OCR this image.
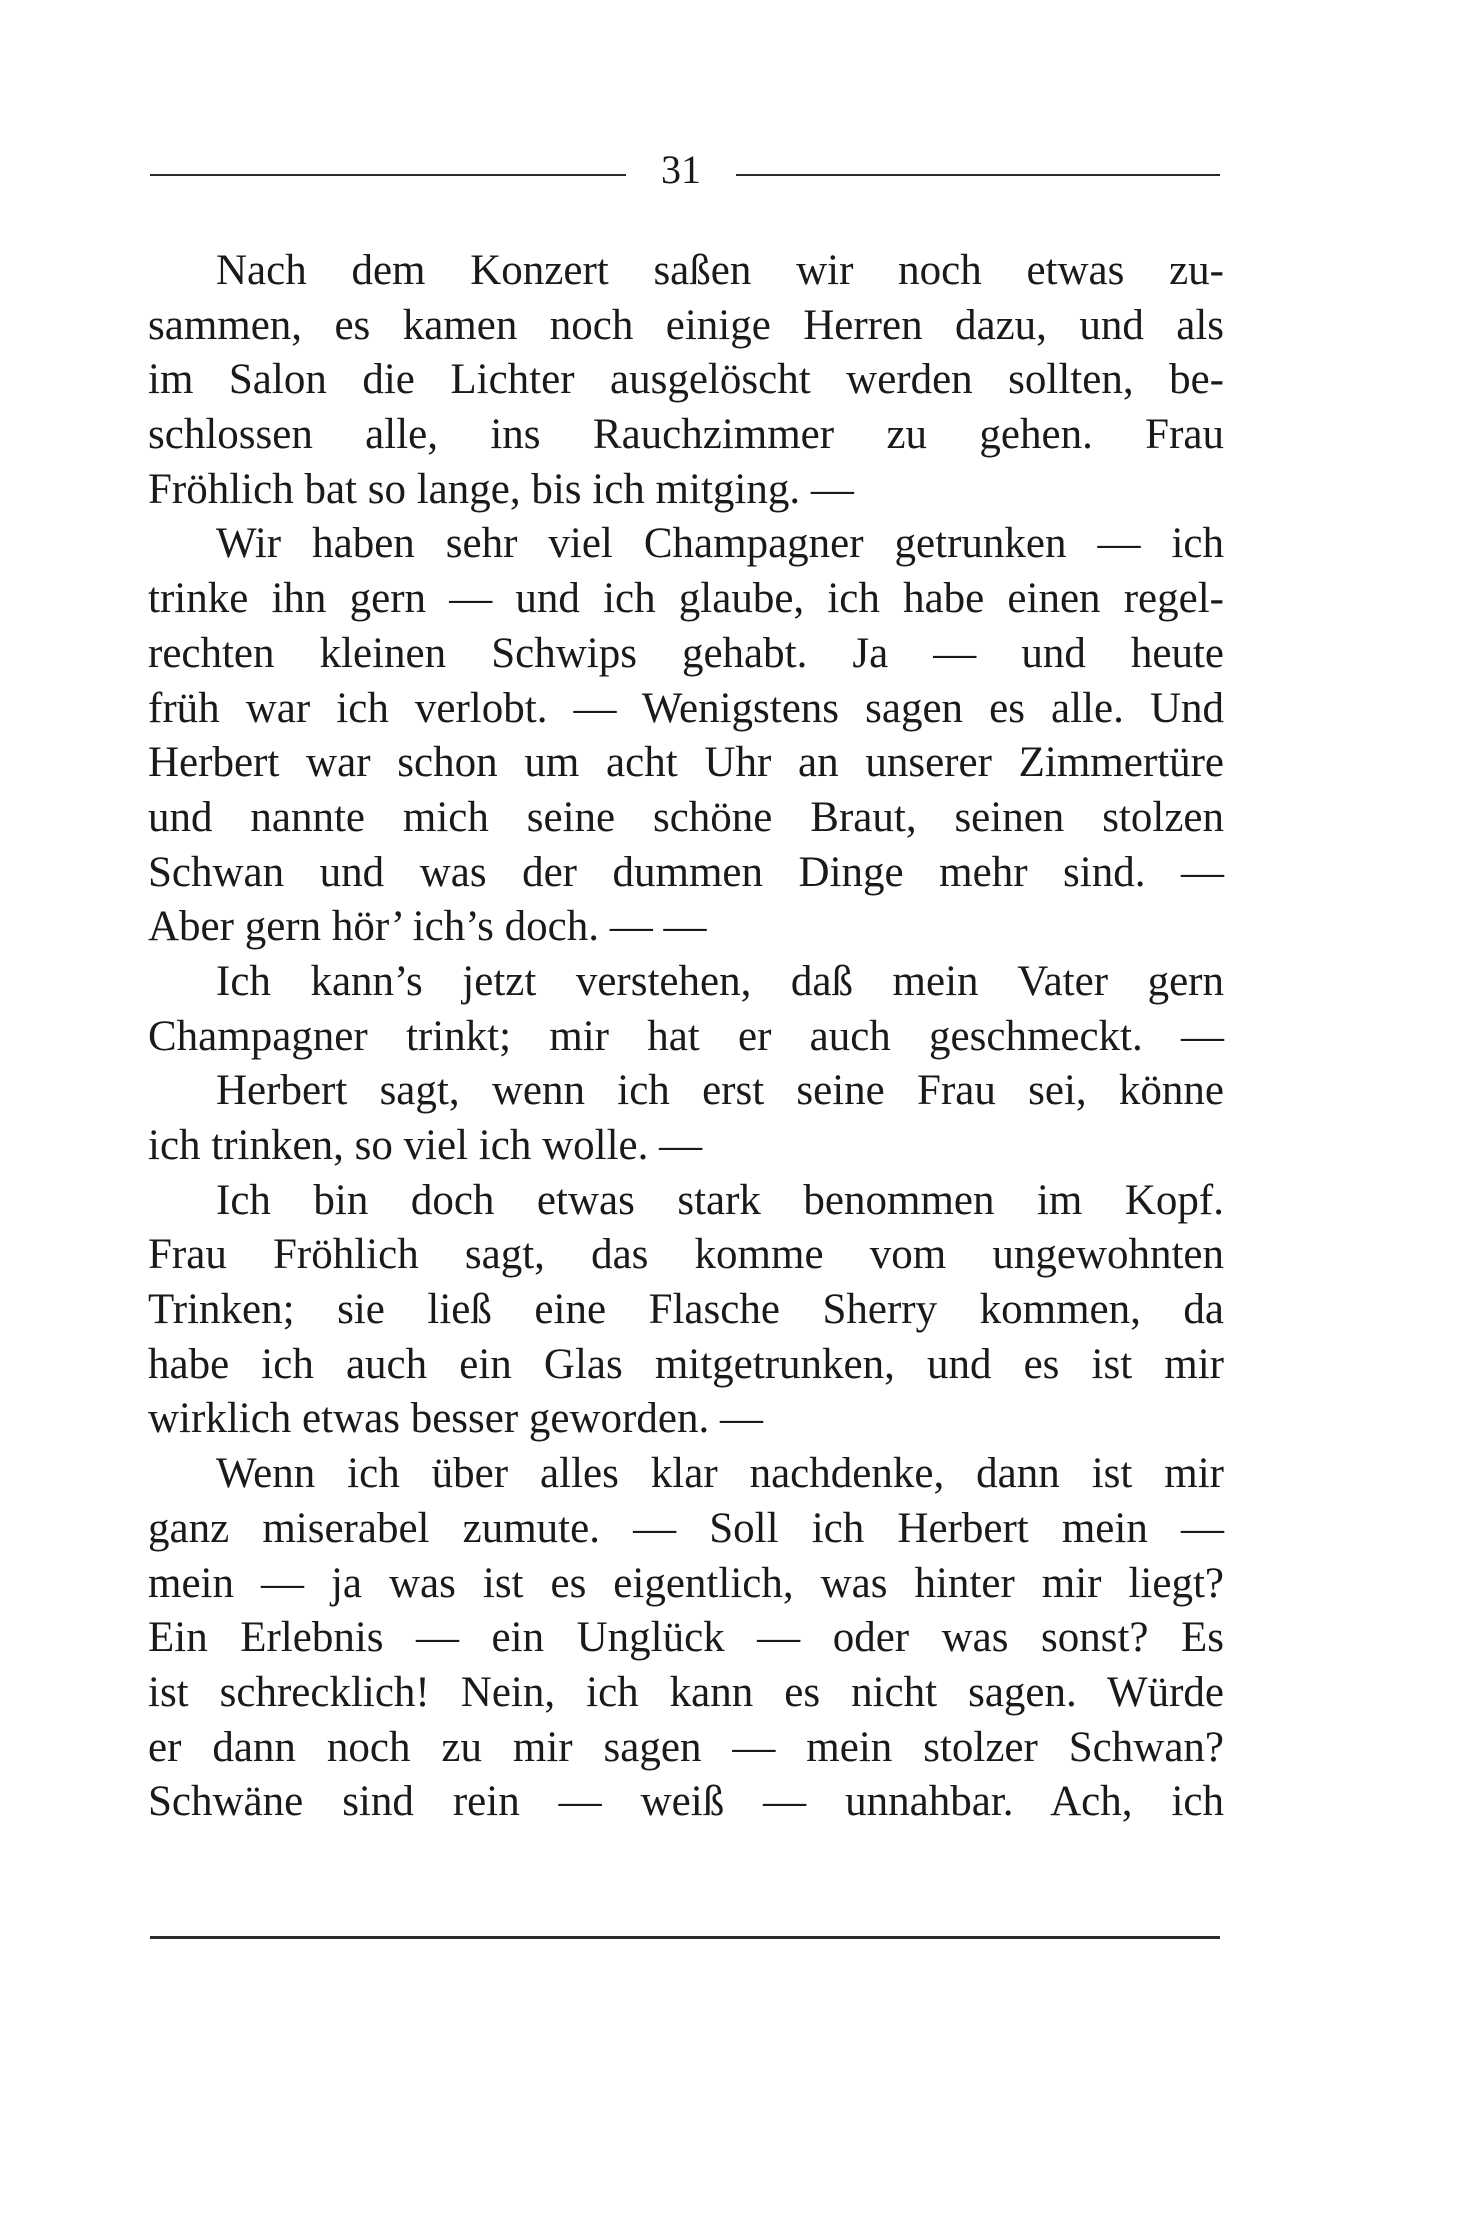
31
Nach dem Konzert saßen wir noch etwas zu-
sammen, es kamen noch einige Herren dazu, und als
im Salon die Lichter ausgelöscht werden sollten, be-
schlossen alle, ins Rauchzimmer zu gehen. Frau
Fröhlich bat so lange, bis ich mitging. —
Wir haben sehr viel Champagner getrunken — ich
trinke ihn gern — und ich glaube, ich habe einen regel-
rechten kleinen Schwips gehabt. Ja — und heute
früh war ich verlobt. — Wenigstens sagen es alle. Und
Herbert war schon um acht Uhr an unserer Zimmertüre
und nannte mich seine schöne Braut, seinen stolzen
Schwan und was der dummen Dinge mehr sind. —
Aber gern hör’ ich’s doch. — —
Ich kann’s jetzt verstehen, daß mein Vater gern
Champagner trinkt; mir hat er auch geschmeckt. —
Herbert sagt, wenn ich erst seine Frau sei, könne
ich trinken, so viel ich wolle. —
Ich bin doch etwas stark benommen im Kopf.
Frau Fröhlich sagt, das komme vom ungewohnten
Trinken; sie ließ eine Flasche Sherry kommen, da
habe ich auch ein Glas mitgetrunken, und es ist mir
wirklich etwas besser geworden. —
Wenn ich über alles klar nachdenke, dann ist mir
ganz miserabel zumute. — Soll ich Herbert mein —
mein — ja was ist es eigentlich, was hinter mir liegt?
Ein Erlebnis — ein Unglück — oder was sonst? Es
ist schrecklich! Nein, ich kann es nicht sagen. Würde
er dann noch zu mir sagen — mein stolzer Schwan?
Schwäne sind rein — weiß — unnahbar. Ach, ich
